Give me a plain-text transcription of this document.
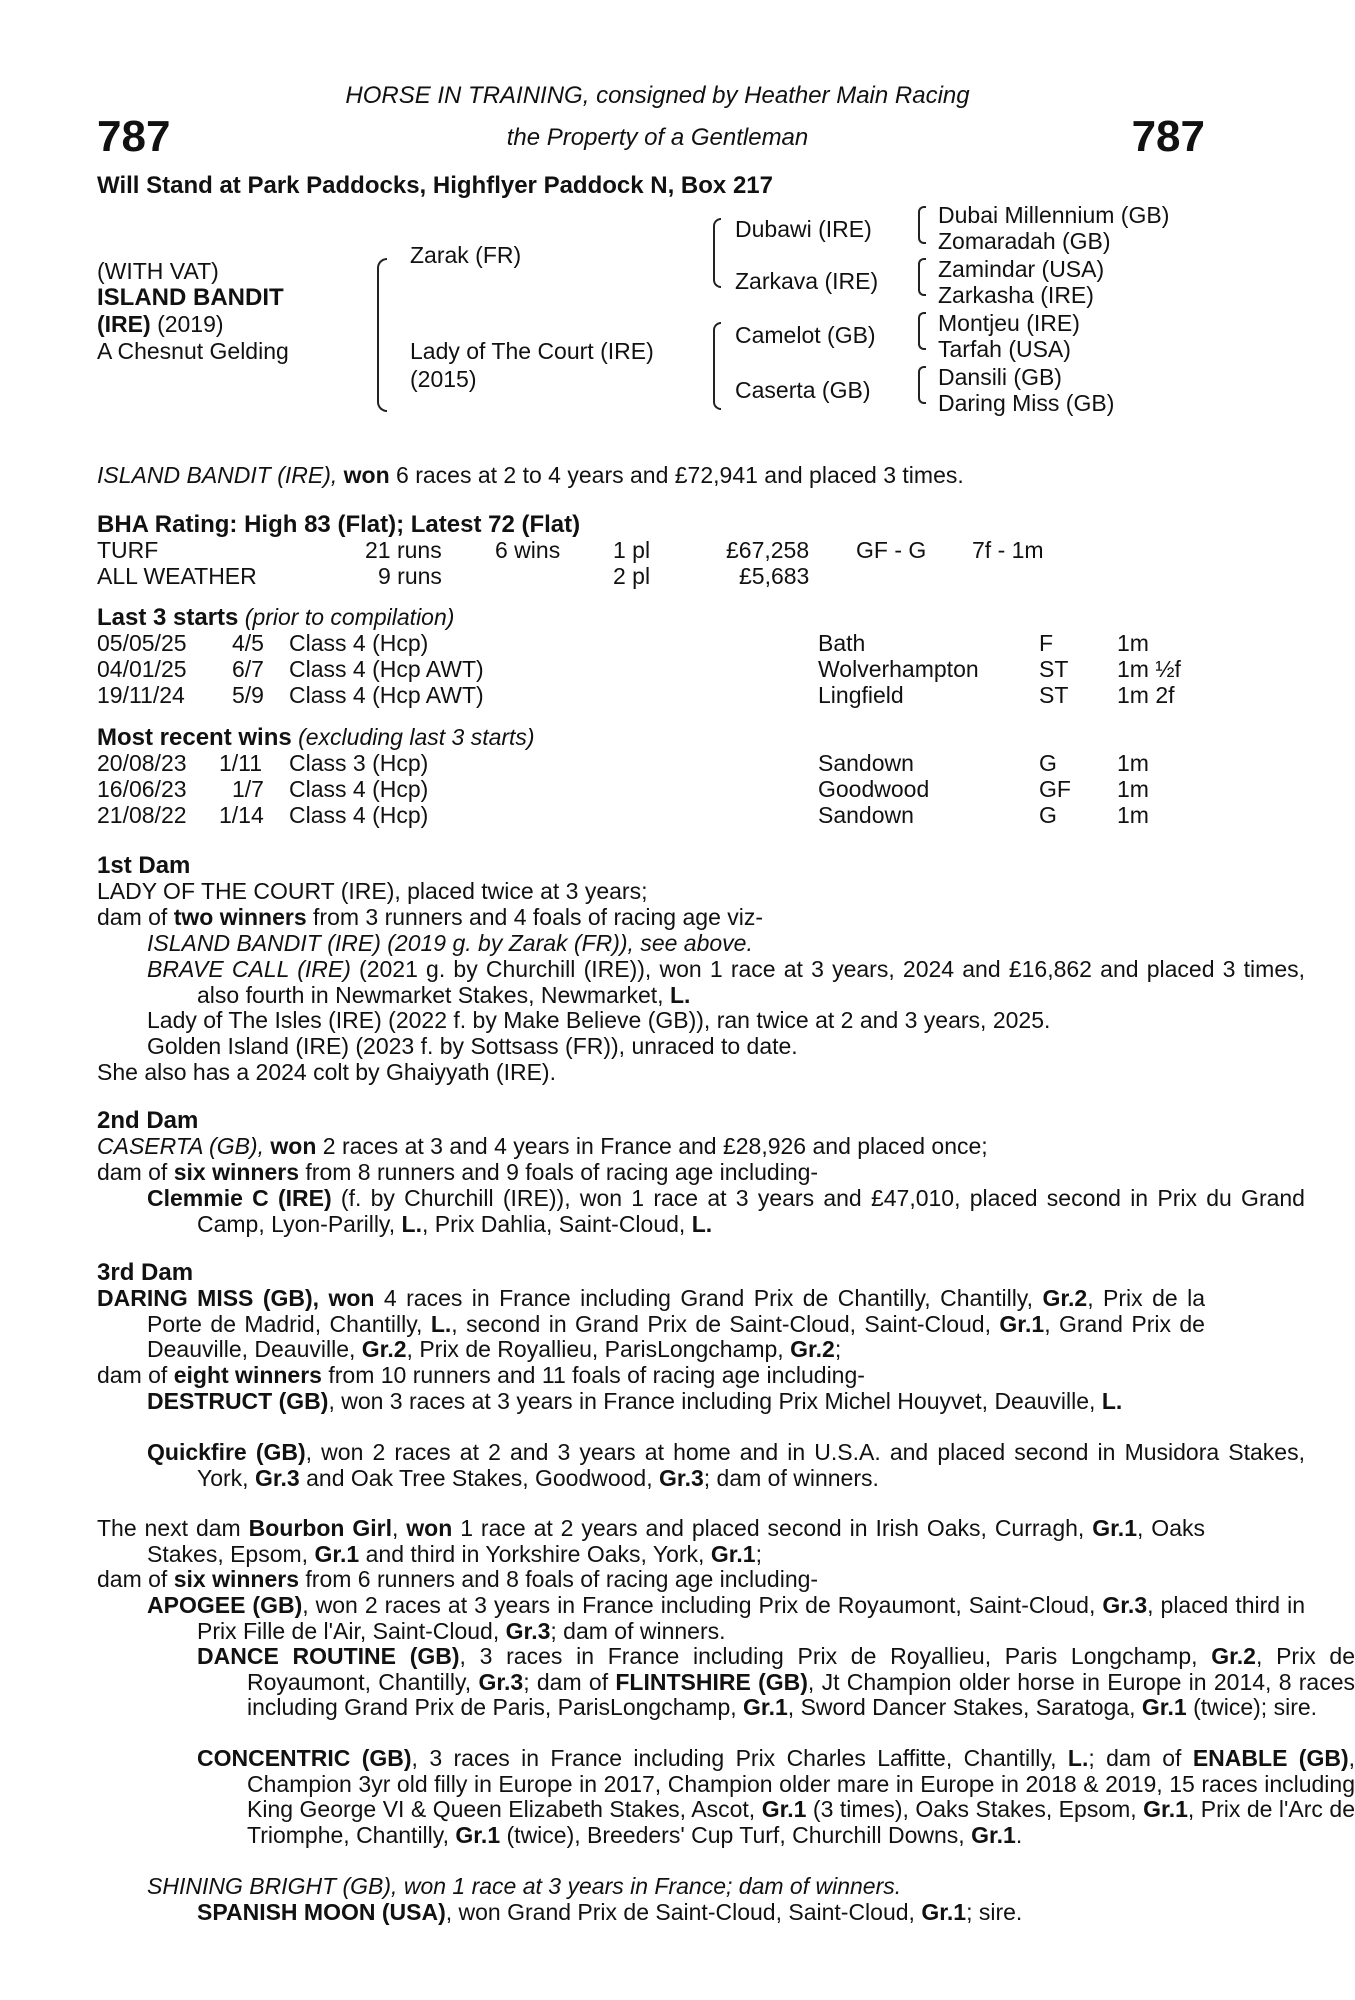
787	787
HORSE IN TRAINING, consigned by Heather Main Racing
the Property of a Gentleman
Will Stand at Park Paddocks, Highflyer Paddock N, Box 217
(WITH VAT)
ISLAND BANDIT
(IRE) (2019)
A Chesnut Gelding
Zarak (FR)
Lady of The Court (IRE)
(2015)
Dubawi (IRE)
Zarkava (IRE)
Camelot (GB)
Caserta (GB)
Dubai Millennium (GB)
Zomaradah (GB)
Zamindar (USA)
Zarkasha (IRE)
Montjeu (IRE)
Tarfah (USA)
Dansili (GB)
Daring Miss (GB)
ISLAND BANDIT (IRE), won 6 races at 2 to 4 years and £72,941 and placed 3 times.
BHA Rating: High 83 (Flat); Latest 72 (Flat)
TURF	21 runs 6 wins 1 pl	£67,258 GF - G 7f - 1m
ALL WEATHER	9 runs	2 pl	£5,683
Last 3 starts (prior to compilation)
05/05/25 4/5 Class 4 (Hcp)	Bath	F	1m
04/01/25 6/7 Class 4 (Hcp AWT)	Wolverhampton	ST 1m ½f
19/11/24 5/9 Class 4 (Hcp AWT)	Lingfield	ST 1m 2f
Most recent wins (excluding last 3 starts)
20/08/23 1/11 Class 3 (Hcp)	Sandown	G	1m
16/06/23 1/7 Class 4 (Hcp)	Goodwood	GF 1m
21/08/22 1/14 Class 4 (Hcp)	Sandown	G	1m
1st Dam
LADY OF THE COURT (IRE), placed twice at 3 years;
dam of two winners from 3 runners and 4 foals of racing age viz-
ISLAND BANDIT (IRE) (2019 g. by Zarak (FR)), see above.
BRAVE CALL (IRE) (2021 g. by Churchill (IRE)), won 1 race at 3 years, 2024 and £16,862 and placed 3 times, also fourth in Newmarket Stakes, Newmarket, L.
Lady of The Isles (IRE) (2022 f. by Make Believe (GB)), ran twice at 2 and 3 years, 2025.
Golden Island (IRE) (2023 f. by Sottsass (FR)), unraced to date.
She also has a 2024 colt by Ghaiyyath (IRE).
2nd Dam
CASERTA (GB), won 2 races at 3 and 4 years in France and £28,926 and placed once;
dam of six winners from 8 runners and 9 foals of racing age including-
Clemmie C (IRE) (f. by Churchill (IRE)), won 1 race at 3 years and £47,010, placed second in Prix du Grand Camp, Lyon-Parilly, L., Prix Dahlia, Saint-Cloud, L.
3rd Dam
DARING MISS (GB), won 4 races in France including Grand Prix de Chantilly, Chantilly, Gr.2, Prix de la Porte de Madrid, Chantilly, L., second in Grand Prix de Saint-Cloud, Saint-Cloud, Gr.1, Grand Prix de Deauville, Deauville, Gr.2, Prix de Royallieu, ParisLongchamp, Gr.2;
dam of eight winners from 10 runners and 11 foals of racing age including-
DESTRUCT (GB), won 3 races at 3 years in France including Prix Michel Houyvet, Deauville, L.
Quickfire (GB), won 2 races at 2 and 3 years at home and in U.S.A. and placed second in Musidora Stakes, York, Gr.3 and Oak Tree Stakes, Goodwood, Gr.3; dam of winners.
The next dam Bourbon Girl, won 1 race at 2 years and placed second in Irish Oaks, Curragh, Gr.1, Oaks Stakes, Epsom, Gr.1 and third in Yorkshire Oaks, York, Gr.1;
dam of six winners from 6 runners and 8 foals of racing age including-
APOGEE (GB), won 2 races at 3 years in France including Prix de Royaumont, Saint-Cloud, Gr.3, placed third in Prix Fille de l'Air, Saint-Cloud, Gr.3; dam of winners.
DANCE ROUTINE (GB), 3 races in France including Prix de Royallieu, Paris Longchamp, Gr.2, Prix de Royaumont, Chantilly, Gr.3; dam of FLINTSHIRE (GB), Jt Champion older horse in Europe in 2014, 8 races including Grand Prix de Paris, ParisLongchamp, Gr.1, Sword Dancer Stakes, Saratoga, Gr.1 (twice); sire.
CONCENTRIC (GB), 3 races in France including Prix Charles Laffitte, Chantilly, L.; dam of ENABLE (GB), Champion 3yr old filly in Europe in 2017, Champion older mare in Europe in 2018 & 2019, 15 races including King George VI & Queen Elizabeth Stakes, Ascot, Gr.1 (3 times), Oaks Stakes, Epsom, Gr.1, Prix de l'Arc de Triomphe, Chantilly, Gr.1 (twice), Breeders' Cup Turf, Churchill Downs, Gr.1.
SHINING BRIGHT (GB), won 1 race at 3 years in France; dam of winners.
SPANISH MOON (USA), won Grand Prix de Saint-Cloud, Saint-Cloud, Gr.1; sire.
